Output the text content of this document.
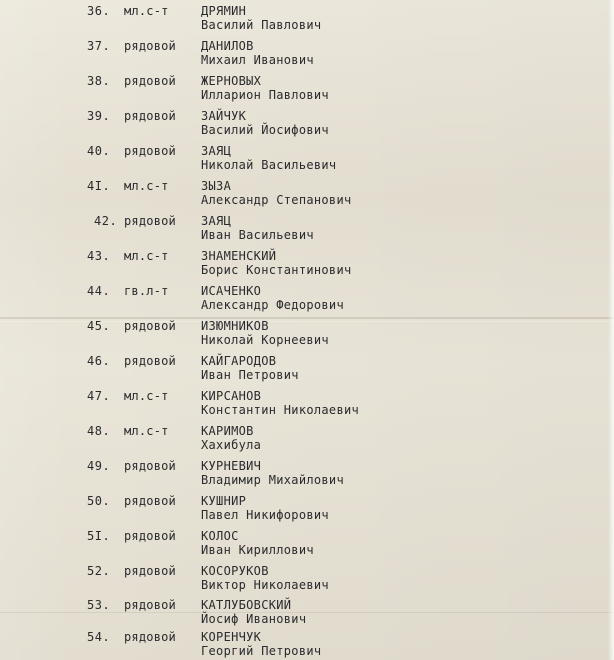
36.	мл.с-т	ДРЯМИН
Василий Павлович
37.	рядовой	ДАНИЛОВ
Михаил Иванович
38.	рядовой	ЖЕРНОВЫХ
Илларион Павлович
39.	рядовой	ЗАЙЧУК
Василий Йосифович
40.	рядовой	ЗАЯЦ
Николай Васильевич
4I.	мл.с-т	ЗЫЗА
Александр Степанович
42. рядовой	ЗАЯЦ
Иван Васильевич
43.	мл.с-т	ЗНАМЕНСКИЙ
Борис Константинович
44.	гв.л-т	ИСАЧЕНКО
Александр Федорович
45.	рядовой	ИЗЮМНИКОВ
Николай Корнеевич
46.	рядовой	КАЙГАРОДОВ
Иван Петрович
47.	мл.с-т	КИРСАНОВ
Константин Николаевич
48.	мл.с-т	КАРИМОВ
Хахибула
49.	рядовой	КУРНЕВИЧ
Владимир Михайлович
50.	рядовой	КУШНИР
Павел Никифорович
5I.	рядовой	КОЛОС
Иван Кириллович
52.	рядовой	КОСОРУКОВ
Виктор Николаевич
53.	рядовой	КАТЛУБОВСКИЙ
Йосиф Иванович
54.	рядовой	КОРЕНЧУК
Георгий Петрович
